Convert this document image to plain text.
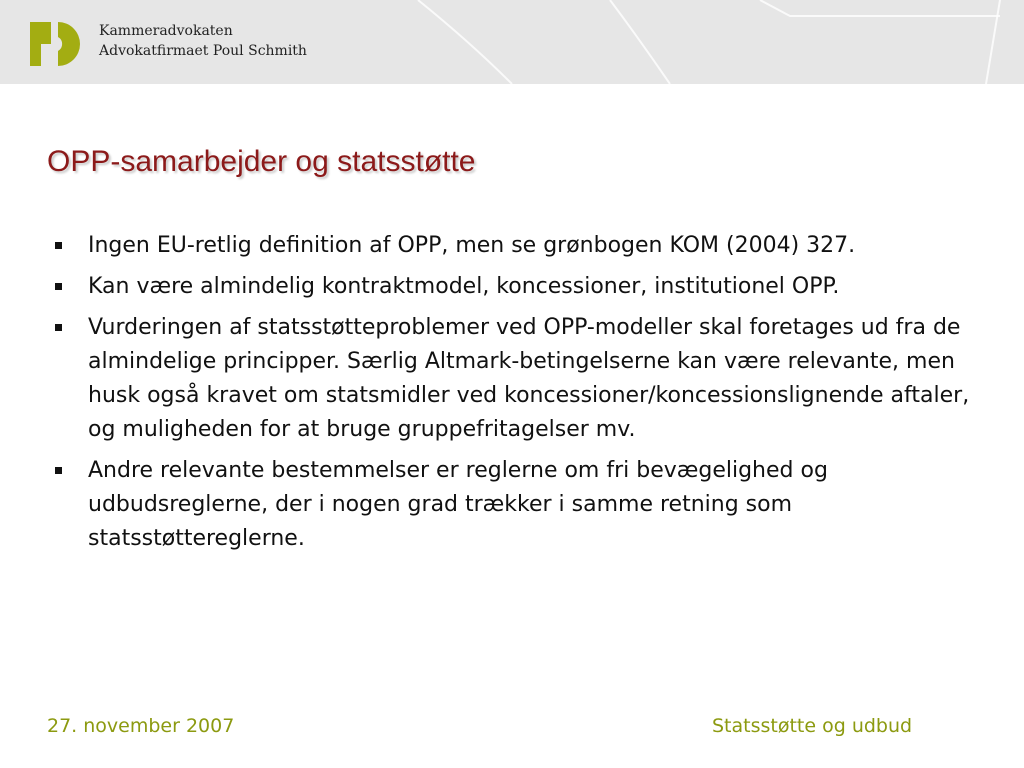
Kammeradvokaten
Advokatfirmaet Poul Schmith
OPP-samarbejder og statsstøtte
Ingen EU-retlig definition af OPP, men se grønbogen KOM (2004) 327.
Kan være almindelig kontraktmodel, koncessioner, institutionel OPP.
Vurderingen af statsstøtteproblemer ved OPP-modeller skal foretages ud fra de almindelige principper. Særlig Altmark-betingelserne kan være relevante, men husk også kravet om statsmidler ved koncessioner/koncessionslignende aftaler, og muligheden for at bruge gruppefritagelser mv.
Andre relevante bestemmelser er reglerne om fri bevægelighed og udbudsreglerne, der i nogen grad trækker i samme retning som statsstøttereglerne.
27. november 2007	Statsstøtte og udbud
